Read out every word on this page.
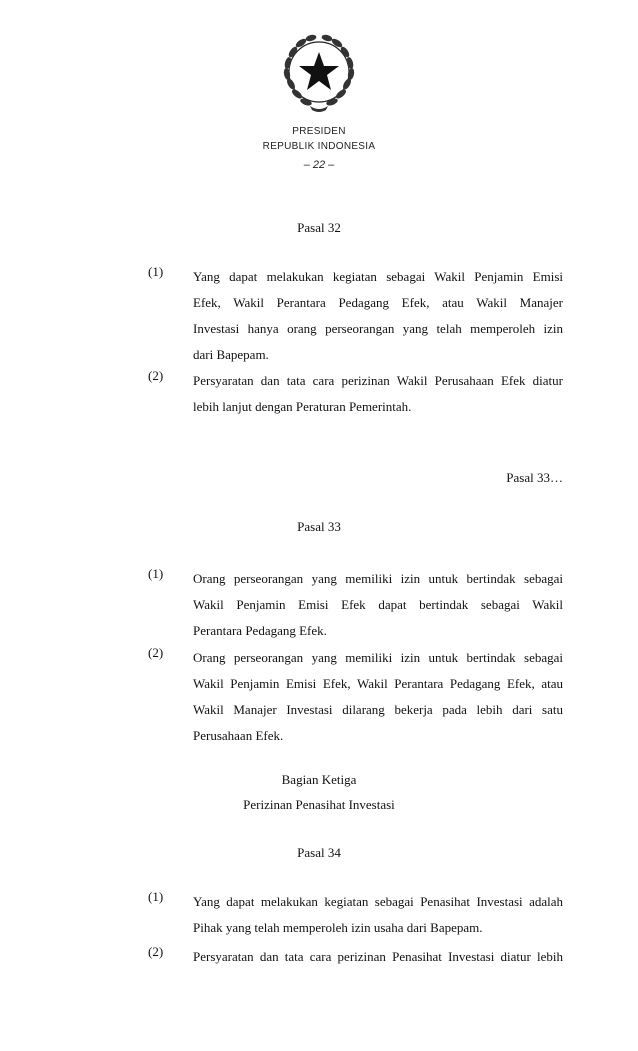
PRESIDEN
REPUBLIK INDONESIA
– 22 –
Pasal 32
(1) Yang dapat melakukan kegiatan sebagai Wakil Penjamin Emisi
Efek, Wakil Perantara Pedagang Efek, atau Wakil Manajer
Investasi hanya orang perseorangan yang telah memperoleh izin
dari Bapepam.
(2) Persyaratan dan tata cara perizinan Wakil Perusahaan Efek diatur
lebih lanjut dengan Peraturan Pemerintah.
Pasal 33…
Pasal 33
(1) Orang perseorangan yang memiliki izin untuk bertindak sebagai
Wakil Penjamin Emisi Efek dapat bertindak sebagai Wakil
Perantara Pedagang Efek.
(2) Orang perseorangan yang memiliki izin untuk bertindak sebagai
Wakil Penjamin Emisi Efek, Wakil Perantara Pedagang Efek, atau
Wakil Manajer Investasi dilarang bekerja pada lebih dari satu
Perusahaan Efek.
Bagian Ketiga
Perizinan Penasihat Investasi
Pasal 34
(1) Yang dapat melakukan kegiatan sebagai Penasihat Investasi adalah
Pihak yang telah memperoleh izin usaha dari Bapepam.
(2) Persyaratan dan tata cara perizinan Penasihat Investasi diatur lebih
